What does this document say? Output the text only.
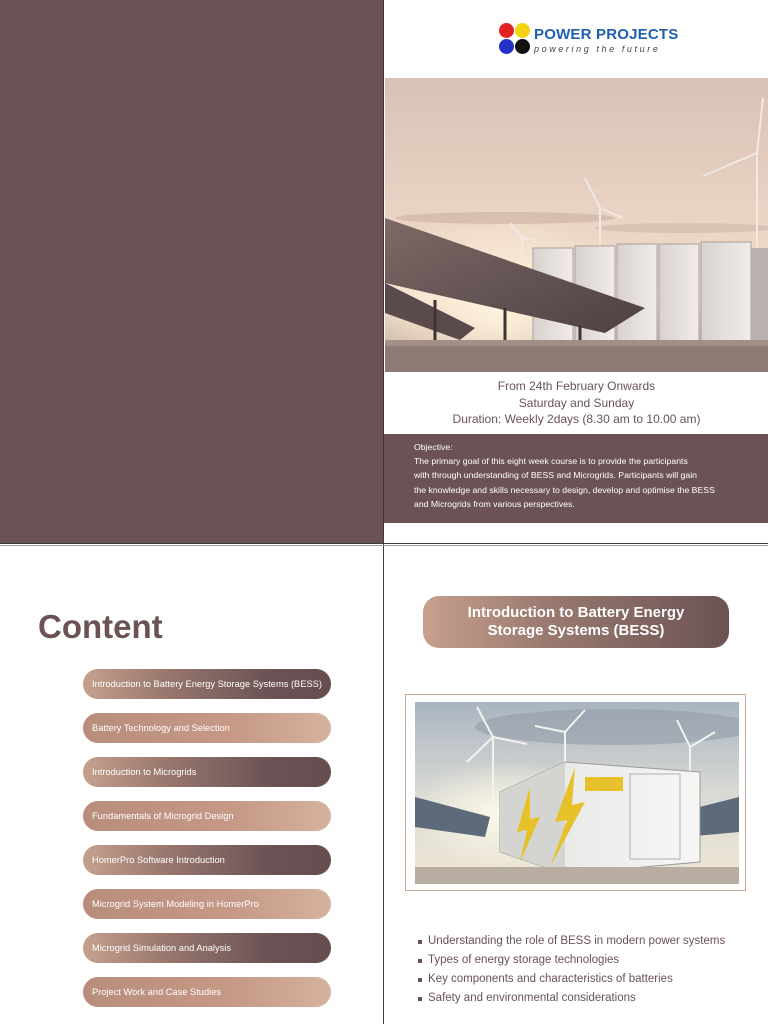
POWER PROJECTS
powering the future
From 24th February Onwards
Saturday and Sunday
Duration: Weekly 2days (8.30 am to 10.00 am)
Objective:
The primary goal of this eight week course is to provide the participants
with through understanding of BESS and Microgrids. Participants will gain
the knowledge and skills necessary to design, develop and optimise the BESS
and Microgrids from various perspectives.
Content
Introduction to Battery Energy Storage Systems (BESS)
Battery Technology and Selection
Introduction to Microgrids
Fundamentals of Microgrid Design
HomerPro Software Introduction
Microgrid System Modeling in HomerPro
Microgrid Simulation and Analysis
Project Work and Case Studies
Introduction to Battery Energy
Storage Systems (BESS)
Understanding the role of BESS in modern power systems
Types of energy storage technologies
Key components and characteristics of batteries
Safety and environmental considerations
